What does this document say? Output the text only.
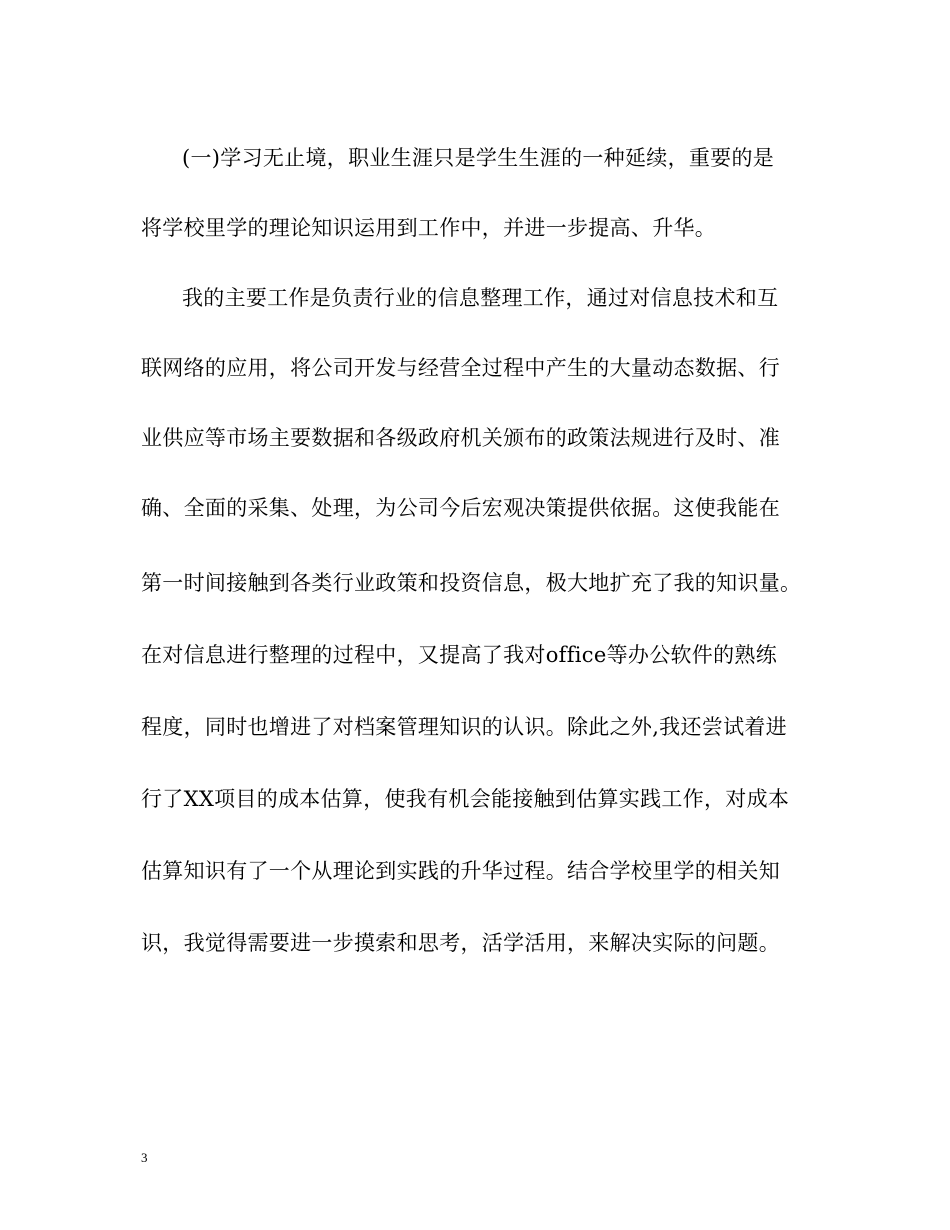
(一)学习无止境，职业生涯只是学生生涯的一种延续，重要的是
将学校里学的理论知识运用到工作中，并进一步提高、升华。
我的主要工作是负责行业的信息整理工作，通过对信息技术和互
联网络的应用，将公司开发与经营全过程中产生的大量动态数据、行
业供应等市场主要数据和各级政府机关颁布的政策法规进行及时、准
确、全面的采集、处理，为公司今后宏观决策提供依据。这使我能在
第一时间接触到各类行业政策和投资信息，极大地扩充了我的知识量。
在对信息进行整理的过程中，又提高了我对office等办公软件的熟练
程度，同时也增进了对档案管理知识的认识。除此之外,我还尝试着进
行了XX项目的成本估算，使我有机会能接触到估算实践工作，对成本
估算知识有了一个从理论到实践的升华过程。结合学校里学的相关知
识，我觉得需要进一步摸索和思考，活学活用，来解决实际的问题。
3
